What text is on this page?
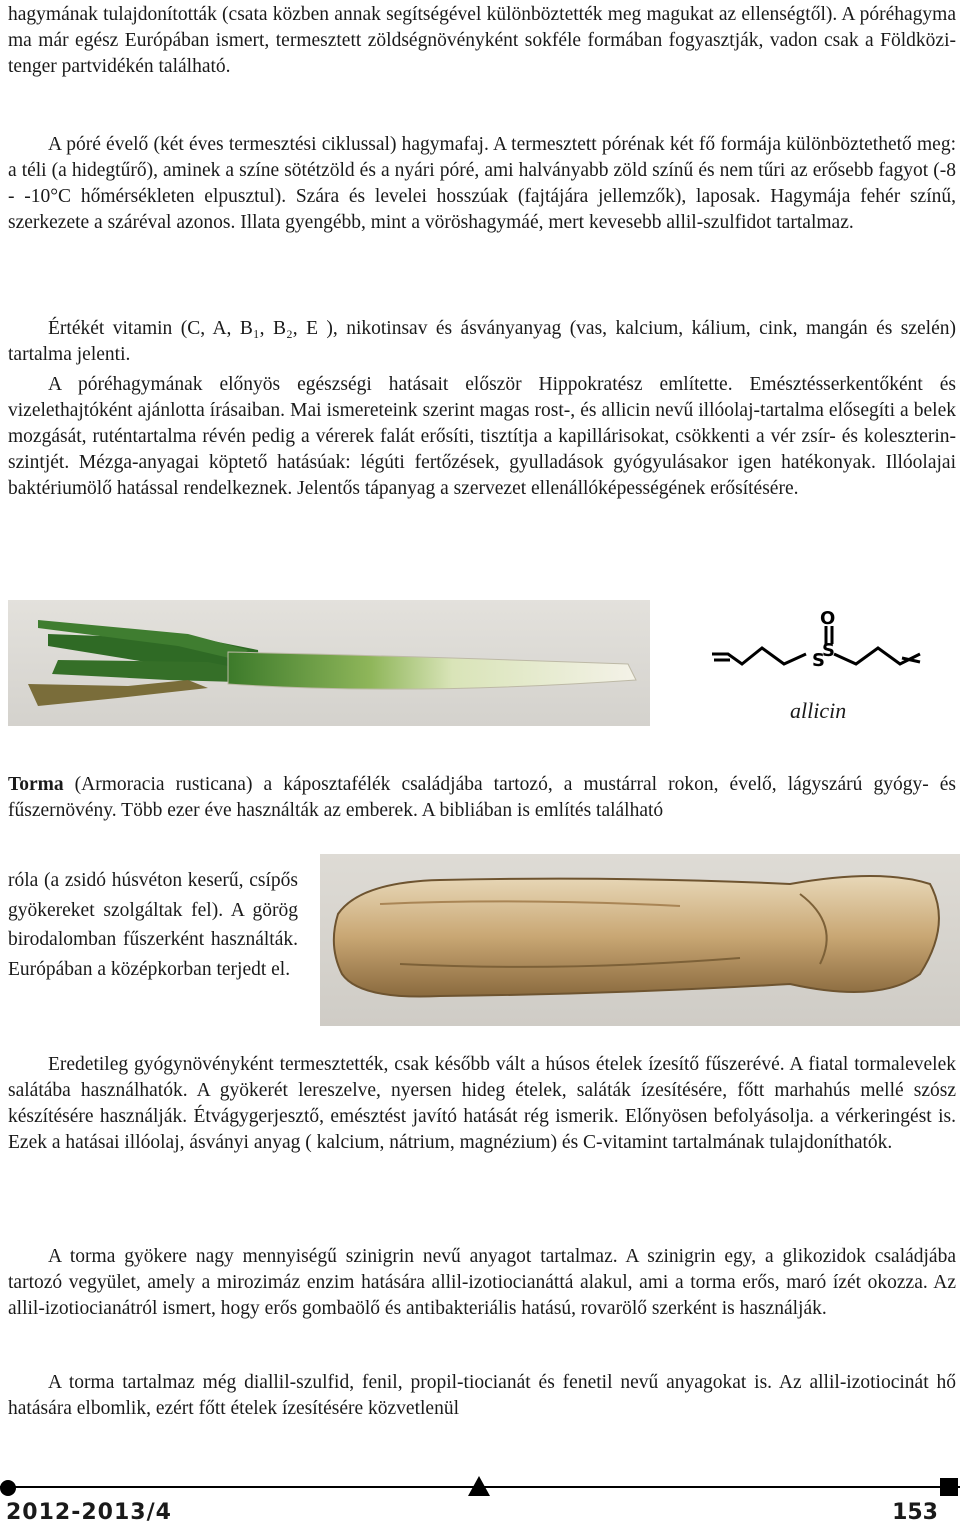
hagymának tulajdonították (csata közben annak segítségével különböztették meg magukat az ellenségtől). A póréhagyma ma már egész Európában ismert, termesztett zöldségnövényként sokféle formában fogyasztják, vadon csak a Földközi-tenger partvidékén található.

A póré évelő (két éves termesztési ciklussal) hagymafaj. A termesztett pórénak két fő formája különböztethető meg: a téli (a hidegtűrő), aminek a színe sötétzöld és a nyári póré, ami halványabb zöld színű és nem tűri az erősebb fagyot (-8 - -10°C hőmérsékleten elpusztul). Szára és levelei hosszúak (fajtájára jellemzők), laposak. Hagymája fehér színű, szerkezete a száréval azonos. Illata gyengébb, mint a vöröshagymáé, mert kevesebb allil-szulfidot tartalmaz.

Értékét vitamin (C, A, B₁, B₂, E ), nikotinsav és ásványanyag (vas, kalcium, kálium, cink, mangán és szelén) tartalma jelenti.

A póréhagymának előnyös egészségi hatásait először Hippokratész említette. Emésztésserkentőként és vizelethajtóként ajánlotta írásaiban. Mai ismereteink szerint magas rost-, és allicin nevű illóolaj-tartalma elősegíti a belek mozgását, ruténtartalma révén pedig a vérerek falát erősíti, tisztítja a kapillárisokat, csökkenti a vér zsír- és koleszterin-szintjét. Mézga-anyagai köptető hatásúak: légúti fertőzések, gyulladások gyógyulásakor igen hatékonyak. Illóolajai baktériumölő hatással rendelkeznek. Jelentős tápanyag a szervezet ellenállóképességének erősítésére.

S
S
O
allicin

Torma (Armoracia rusticana) a káposztafélék családjába tartozó, a mustárral rokon, évelő, lágyszárú gyógy- és fűszernövény. Több ezer éve használták az emberek. A bibliában is említés található

róla (a zsidó húsvéton keserű, csípős gyökereket szolgáltak fel). A görög birodalomban fűszerként használták. Európában a középkorban terjedt el.

Eredetileg gyógynövényként termesztették, csak később vált a húsos ételek ízesítő fűszerévé. A fiatal tormalevelek salátába használhatók. A gyökerét lereszelve, nyersen hideg ételek, saláták ízesítésére, főtt marhahús mellé szósz készítésére használják. Étvágygerjesztő, emésztést javító hatását rég ismerik. Előnyösen befolyásolja. a vérkeringést is. Ezek a hatásai illóolaj, ásványi anyag ( kalcium, nátrium, magnézium) és C-vitamint tartalmának tulajdoníthatók.

A torma gyökere nagy mennyiségű szinigrin nevű anyagot tartalmaz. A szinigrin egy, a glikozidok családjába tartozó vegyület, amely a mirozimáz enzim hatására allil-izotiocianáttá alakul, ami a torma erős, maró ízét okozza. Az allil-izotiocianátról ismert, hogy erős gombaölő és antibakteriális hatású, rovarölő szerként is használják.

A torma tartalmaz még diallil-szulfid, fenil, propil-tiocianát és fenetil nevű anyagokat is. Az allil-izotiocinát hő hatására elbomlik, ezért főtt ételek ízesítésére közvetlenül

2012-2013/4	153
